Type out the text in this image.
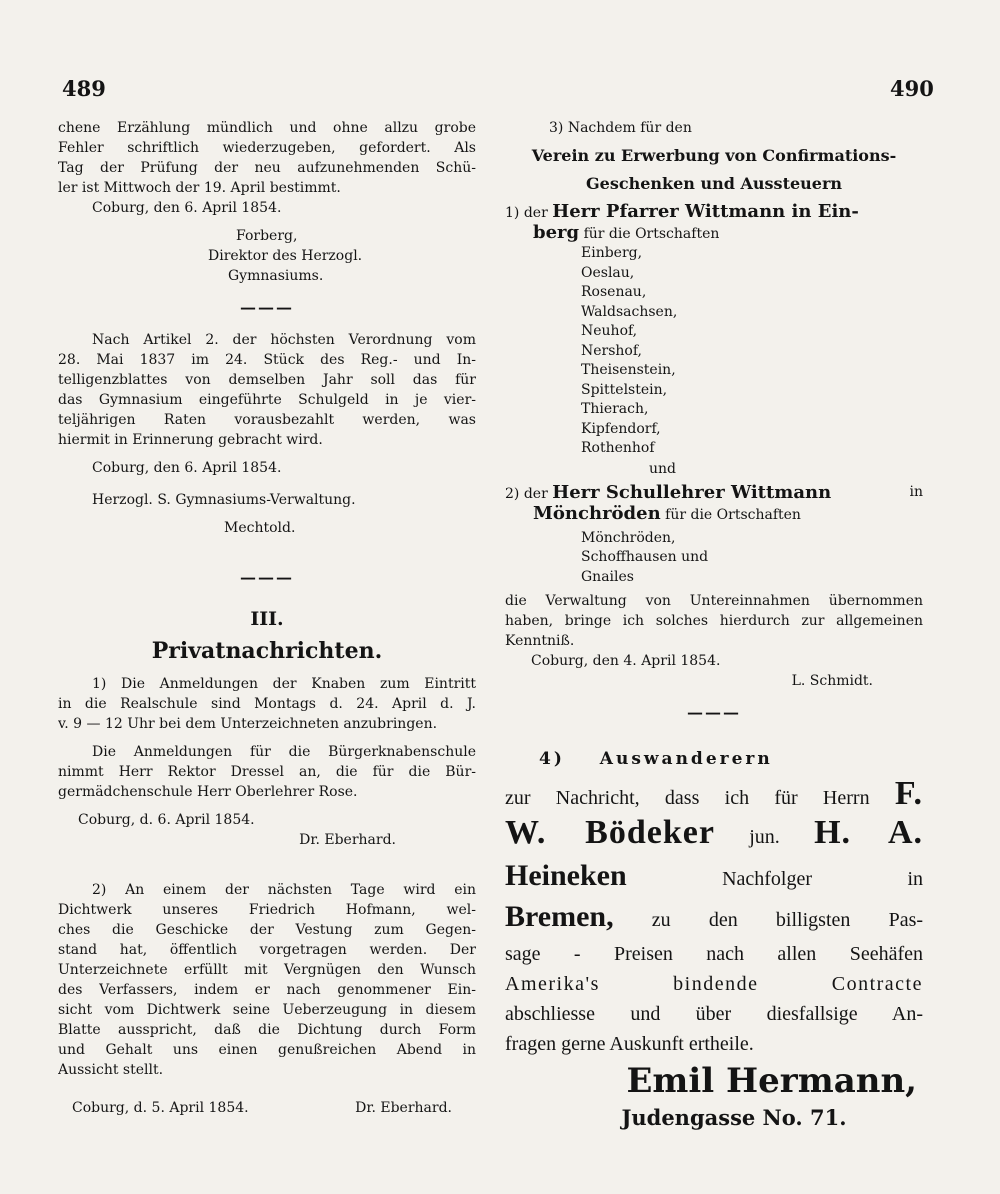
489	490
chene Erzählung mündlich und ohne allzu grobe
Fehler schriftlich wiederzugeben, gefordert. Als
Tag der Prüfung der neu aufzunehmenden Schü-
ler ist Mittwoch der 19. April bestimmt.
Coburg, den 6. April 1854.
Forberg,
Direktor des Herzogl.
Gymnasiums.
———
Nach Artikel 2. der höchsten Verordnung vom
28. Mai 1837 im 24. Stück des Reg.- und In-
telligenzblattes von demselben Jahr soll das für
das Gymnasium eingeführte Schulgeld in je vier-
teljährigen Raten vorausbezahlt werden, was
hiermit in Erinnerung gebracht wird.
Coburg, den 6. April 1854.
Herzogl. S. Gymnasiums-Verwaltung.
Mechtold.
———
III.
Privatnachrichten.
1) Die Anmeldungen der Knaben zum Eintritt
in die Realschule sind Montags d. 24. April d. J.
v. 9 — 12 Uhr bei dem Unterzeichneten anzubringen.
Die Anmeldungen für die Bürgerknabenschule
nimmt Herr Rektor Dressel an, die für die Bür-
germädchenschule Herr Oberlehrer Rose.
Coburg, d. 6. April 1854.
Dr. Eberhard.
2) An einem der nächsten Tage wird ein
Dichtwerk unseres Friedrich Hofmann, wel-
ches die Geschicke der Vestung zum Gegen-
stand hat, öffentlich vorgetragen werden. Der
Unterzeichnete erfüllt mit Vergnügen den Wunsch
des Verfassers, indem er nach genommener Ein-
sicht vom Dichtwerk seine Ueberzeugung in diesem
Blatte ausspricht, daß die Dichtung durch Form
und Gehalt uns einen genußreichen Abend in
Aussicht stellt.
Coburg, d. 5. April 1854.	Dr. Eberhard.
3) Nachdem für den
Verein zu Erwerbung von Confirmations-
Geschenken und Aussteuern
1) der Herr Pfarrer Wittmann in Ein-
berg für die Ortschaften
Einberg,
Oeslau,
Rosenau,
Waldsachsen,
Neuhof,
Nershof,
Theisenstein,
Spittelstein,
Thierach,
Kipfendorf,
Rothenhof
und
2) der Herr Schullehrer Wittmann	in
Mönchröden für die Ortschaften
Mönchröden,
Schoffhausen und
Gnailes
die Verwaltung von Untereinnahmen übernommen
haben, bringe ich solches hierdurch zur allgemeinen
Kenntniß.
Coburg, den 4. April 1854.
L. Schmidt.
———
4) Auswanderern
zur Nachricht, dass ich für Herrn F.
W. Bödeker jun. H. A.
Heineken	Nachfolger	in
Bremen, zu den billigsten Pas-
sage - Preisen nach allen Seehäfen
Amerika's bindende Contracte
abschliesse und über diesfallsige An-
fragen gerne Auskunft ertheile.
Emil Hermann,
Judengasse No. 71.
